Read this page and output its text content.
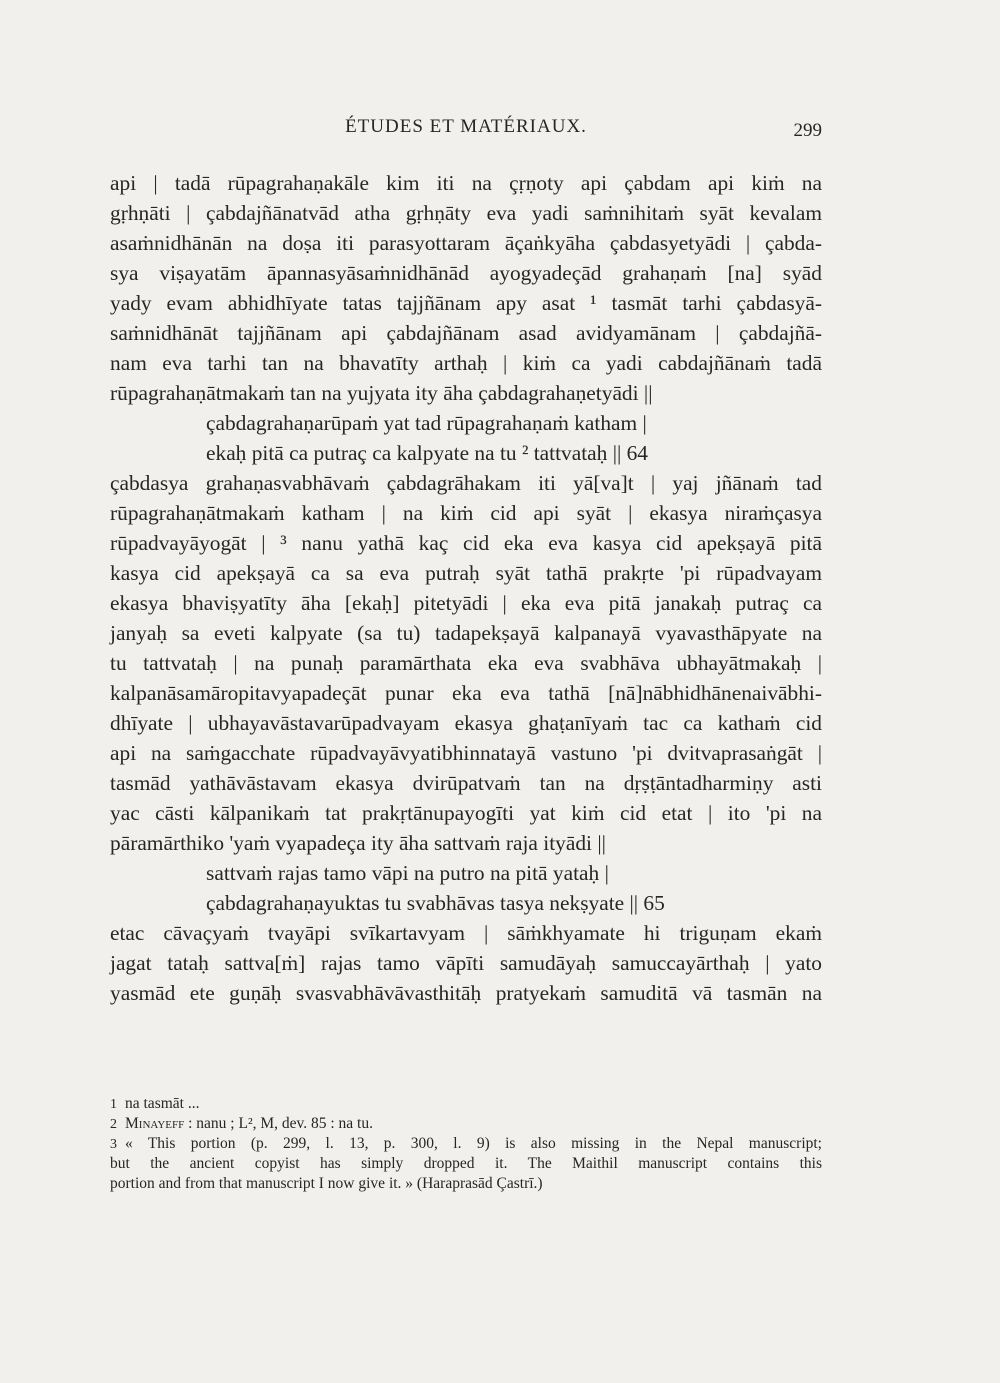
ÉTUDES ET MATÉRIAUX.	299
api | tadā rūpagrahaṇakāle kim iti na çṛṇoty api çabdam api kiṁ na
gṛhṇāti | çabdajñānatvād atha gṛhṇāty eva yadi saṁnihitaṁ syāt kevalam
asaṁnidhānān na doṣa iti parasyottaram āçaṅkyāha çabdasyetyādi | çabda-
sya viṣayatām āpannasyāsaṁnidhānād ayogyadeçād grahaṇaṁ [na] syād
yady evam abhidhīyate tatas tajjñānam apy asat ¹ tasmāt tarhi çabdasyā-
saṁnidhānāt tajjñānam api çabdajñānam asad avidyamānam | çabdajñā-
nam eva tarhi tan na bhavatīty arthaḥ | kiṁ ca yadi cabdajñānaṁ tadā
rūpagrahaṇātmakaṁ tan na yujyata ity āha çabdagrahaṇetyādi ||
çabdagrahaṇarūpaṁ yat tad rūpagrahaṇaṁ katham |
ekaḥ pitā ca putraç ca kalpyate na tu ² tattvataḥ || 64
çabdasya grahaṇasvabhāvaṁ çabdagrāhakam iti yā[va]t | yaj jñānaṁ tad
rūpagrahaṇātmakaṁ katham | na kiṁ cid api syāt | ekasya niraṁçasya
rūpadvayāyogāt | ³ nanu yathā kaç cid eka eva kasya cid apekṣayā pitā
kasya cid apekṣayā ca sa eva putraḥ syāt tathā prakṛte 'pi rūpadvayam
ekasya bhaviṣyatīty āha [ekaḥ] pitetyādi | eka eva pitā janakaḥ putraç ca
janyaḥ sa eveti kalpyate (sa tu) tadapekṣayā kalpanayā vyavasthāpyate na
tu tattvataḥ | na punaḥ paramārthata eka eva svabhāva ubhayātmakaḥ |
kalpanāsamāropitavyapadeçāt punar eka eva tathā [nā]nābhidhānenaivābhi-
dhīyate | ubhayavāstavarūpadvayam ekasya ghaṭanīyaṁ tac ca kathaṁ cid
api na saṁgacchate rūpadvayāvyatibhinnatayā vastuno 'pi dvitvaprasaṅgāt |
tasmād yathāvāstavam ekasya dvirūpatvaṁ tan na dṛṣṭāntadharmiṇy asti
yac cāsti kālpanikaṁ tat prakṛtānupayogīti yat kiṁ cid etat | ito 'pi na
pāramārthiko 'yaṁ vyapadeça ity āha sattvaṁ raja ityādi ||
sattvaṁ rajas tamo vāpi na putro na pitā yataḥ |
çabdagrahaṇayuktas tu svabhāvas tasya nekṣyate || 65
etac cāvaçyaṁ tvayāpi svīkartavyam | sāṁkhyamate hi triguṇam ekaṁ
jagat tataḥ sattva[ṁ] rajas tamo vāpīti samudāyaḥ samuccayārthaḥ | yato
yasmād ete guṇāḥ svasvabhāvāvasthitāḥ pratyekaṁ samuditā vā tasmān na
1 na tasmāt ...
2 Minayeff : nanu ; L², M, dev. 85 : na tu.
3 « This portion (p. 299, l. 13, p. 300, l. 9) is also missing in the Nepal manuscript;
but the ancient copyist has simply dropped it. The Maithil manuscript contains this
portion and from that manuscript I now give it. » (Haraprasād Çastrī.)
